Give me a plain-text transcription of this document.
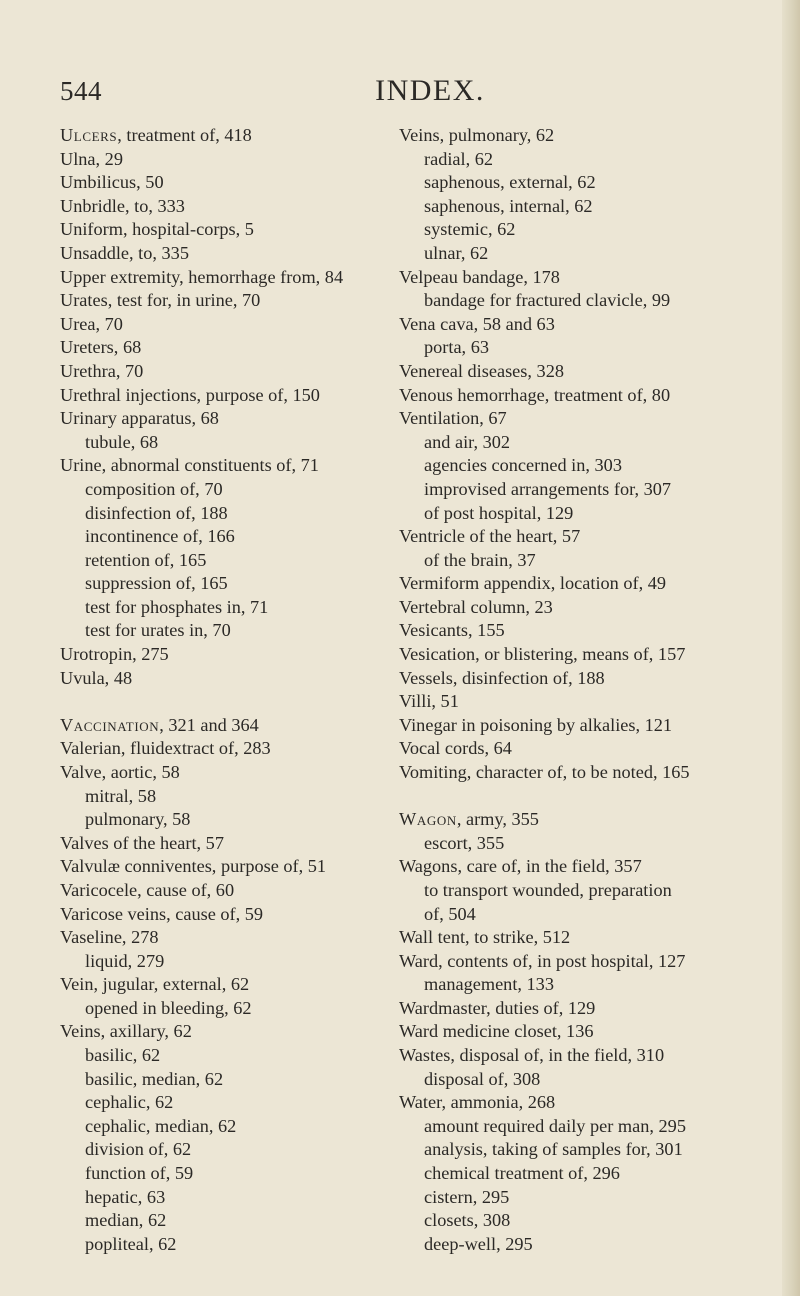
544	INDEX.
Ulcers, treatment of, 418
Ulna, 29
Umbilicus, 50
Unbridle, to, 333
Uniform, hospital-corps, 5
Unsaddle, to, 335
Upper extremity, hemorrhage from, 84
Urates, test for, in urine, 70
Urea, 70
Ureters, 68
Urethra, 70
Urethral injections, purpose of, 150
Urinary apparatus, 68
tubule, 68
Urine, abnormal constituents of, 71
composition of, 70
disinfection of, 188
incontinence of, 166
retention of, 165
suppression of, 165
test for phosphates in, 71
test for urates in, 70
Urotropin, 275
Uvula, 48
Vaccination, 321 and 364
Valerian, fluidextract of, 283
Valve, aortic, 58
mitral, 58
pulmonary, 58
Valves of the heart, 57
Valvulæ conniventes, purpose of, 51
Varicocele, cause of, 60
Varicose veins, cause of, 59
Vaseline, 278
liquid, 279
Vein, jugular, external, 62
opened in bleeding, 62
Veins, axillary, 62
basilic, 62
basilic, median, 62
cephalic, 62
cephalic, median, 62
division of, 62
function of, 59
hepatic, 63
median, 62
popliteal, 62
Veins, pulmonary, 62
radial, 62
saphenous, external, 62
saphenous, internal, 62
systemic, 62
ulnar, 62
Velpeau bandage, 178
bandage for fractured clavicle, 99
Vena cava, 58 and 63
porta, 63
Venereal diseases, 328
Venous hemorrhage, treatment of, 80
Ventilation, 67
and air, 302
agencies concerned in, 303
improvised arrangements for, 307
of post hospital, 129
Ventricle of the heart, 57
of the brain, 37
Vermiform appendix, location of, 49
Vertebral column, 23
Vesicants, 155
Vesication, or blistering, means of, 157
Vessels, disinfection of, 188
Villi, 51
Vinegar in poisoning by alkalies, 121
Vocal cords, 64
Vomiting, character of, to be noted, 165
Wagon, army, 355
escort, 355
Wagons, care of, in the field, 357
to transport wounded, preparation
of, 504
Wall tent, to strike, 512
Ward, contents of, in post hospital, 127
management, 133
Wardmaster, duties of, 129
Ward medicine closet, 136
Wastes, disposal of, in the field, 310
disposal of, 308
Water, ammonia, 268
amount required daily per man, 295
analysis, taking of samples for, 301
chemical treatment of, 296
cistern, 295
closets, 308
deep-well, 295
